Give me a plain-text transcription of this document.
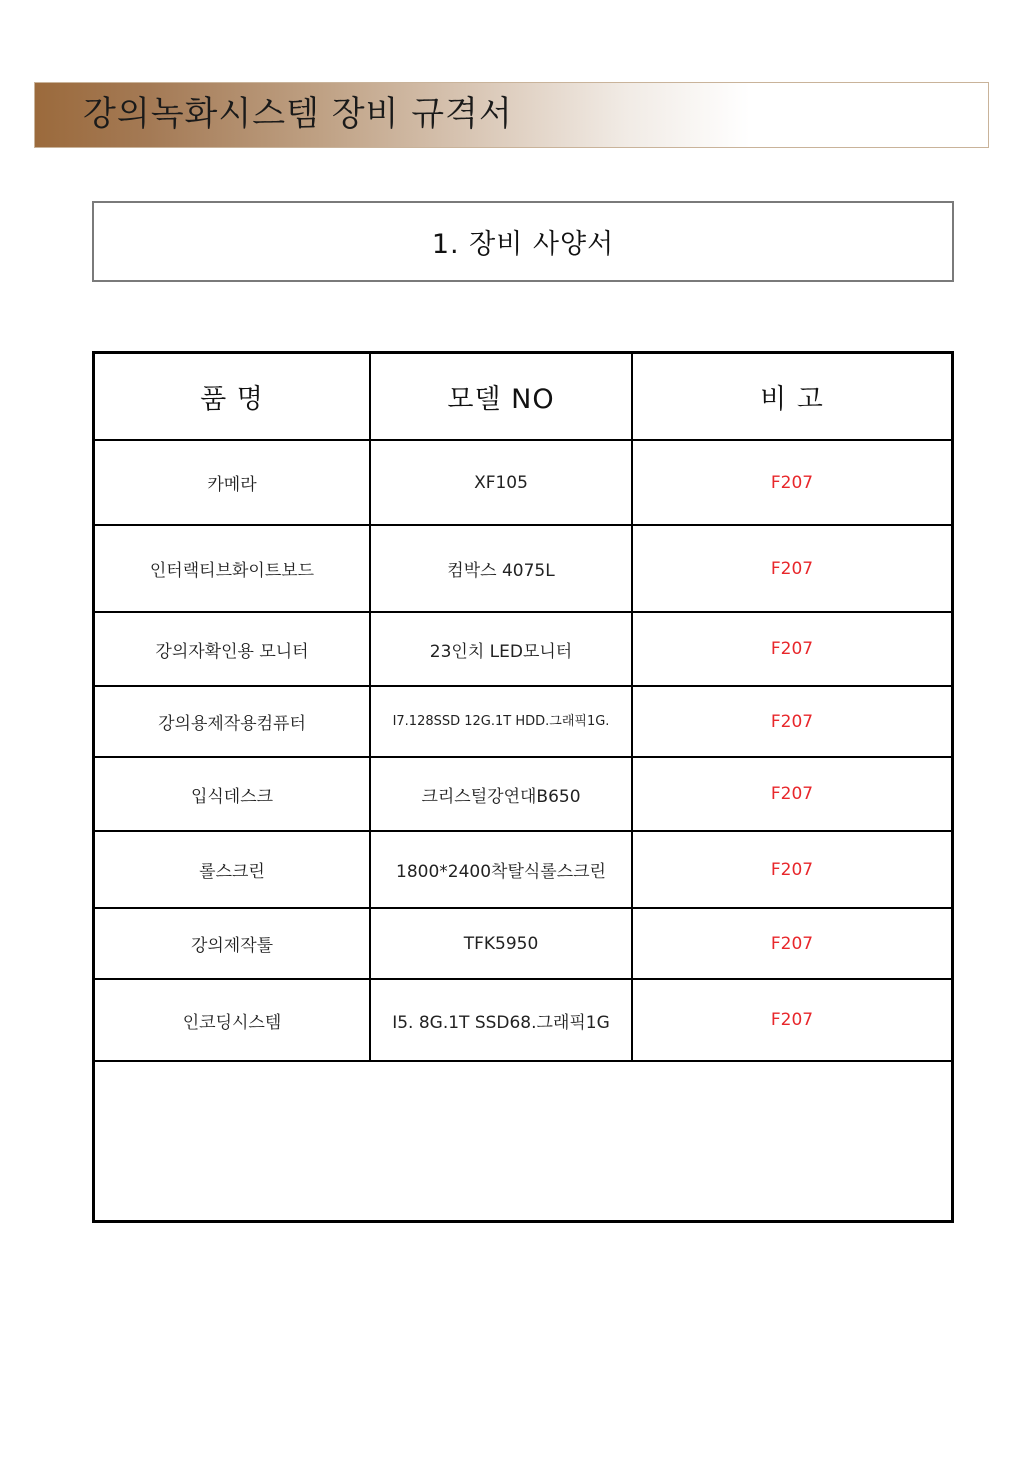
강의녹화시스템 장비 규격서
1. 장비 사양서
품 명	모델 NO	비 고
카메라	XF105	F207
인터랙티브화이트보드	컴박스 4075L	F207
강의자확인용 모니터	23인치 LED모니터	F207
강의용제작용컴퓨터	I7.128SSD 12G.1T HDD.그래픽1G.	F207
입식데스크	크리스털강연대B650	F207
롤스크린	1800*2400착탈식롤스크린	F207
강의제작툴	TFK5950	F207
인코딩시스템	I5. 8G.1T SSD68.그래픽1G	F207
